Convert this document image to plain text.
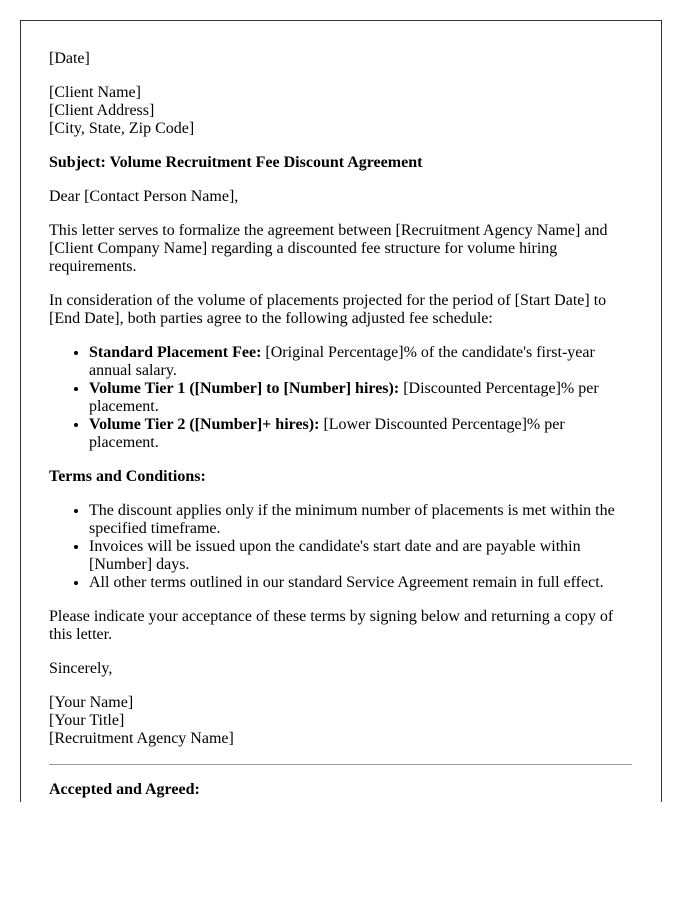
[Date]

[Client Name]
[Client Address]
[City, State, Zip Code]

Subject: Volume Recruitment Fee Discount Agreement

Dear [Contact Person Name],

This letter serves to formalize the agreement between [Recruitment Agency Name] and [Client Company Name] regarding a discounted fee structure for volume hiring requirements.

In consideration of the volume of placements projected for the period of [Start Date] to [End Date], both parties agree to the following adjusted fee schedule:

• Standard Placement Fee: [Original Percentage]% of the candidate's first-year annual salary.
• Volume Tier 1 ([Number] to [Number] hires): [Discounted Percentage]% per placement.
• Volume Tier 2 ([Number]+ hires): [Lower Discounted Percentage]% per placement.

Terms and Conditions:

• The discount applies only if the minimum number of placements is met within the specified timeframe.
• Invoices will be issued upon the candidate's start date and are payable within [Number] days.
• All other terms outlined in our standard Service Agreement remain in full effect.

Please indicate your acceptance of these terms by signing below and returning a copy of this letter.

Sincerely,

[Your Name]
[Your Title]
[Recruitment Agency Name]

Accepted and Agreed:
